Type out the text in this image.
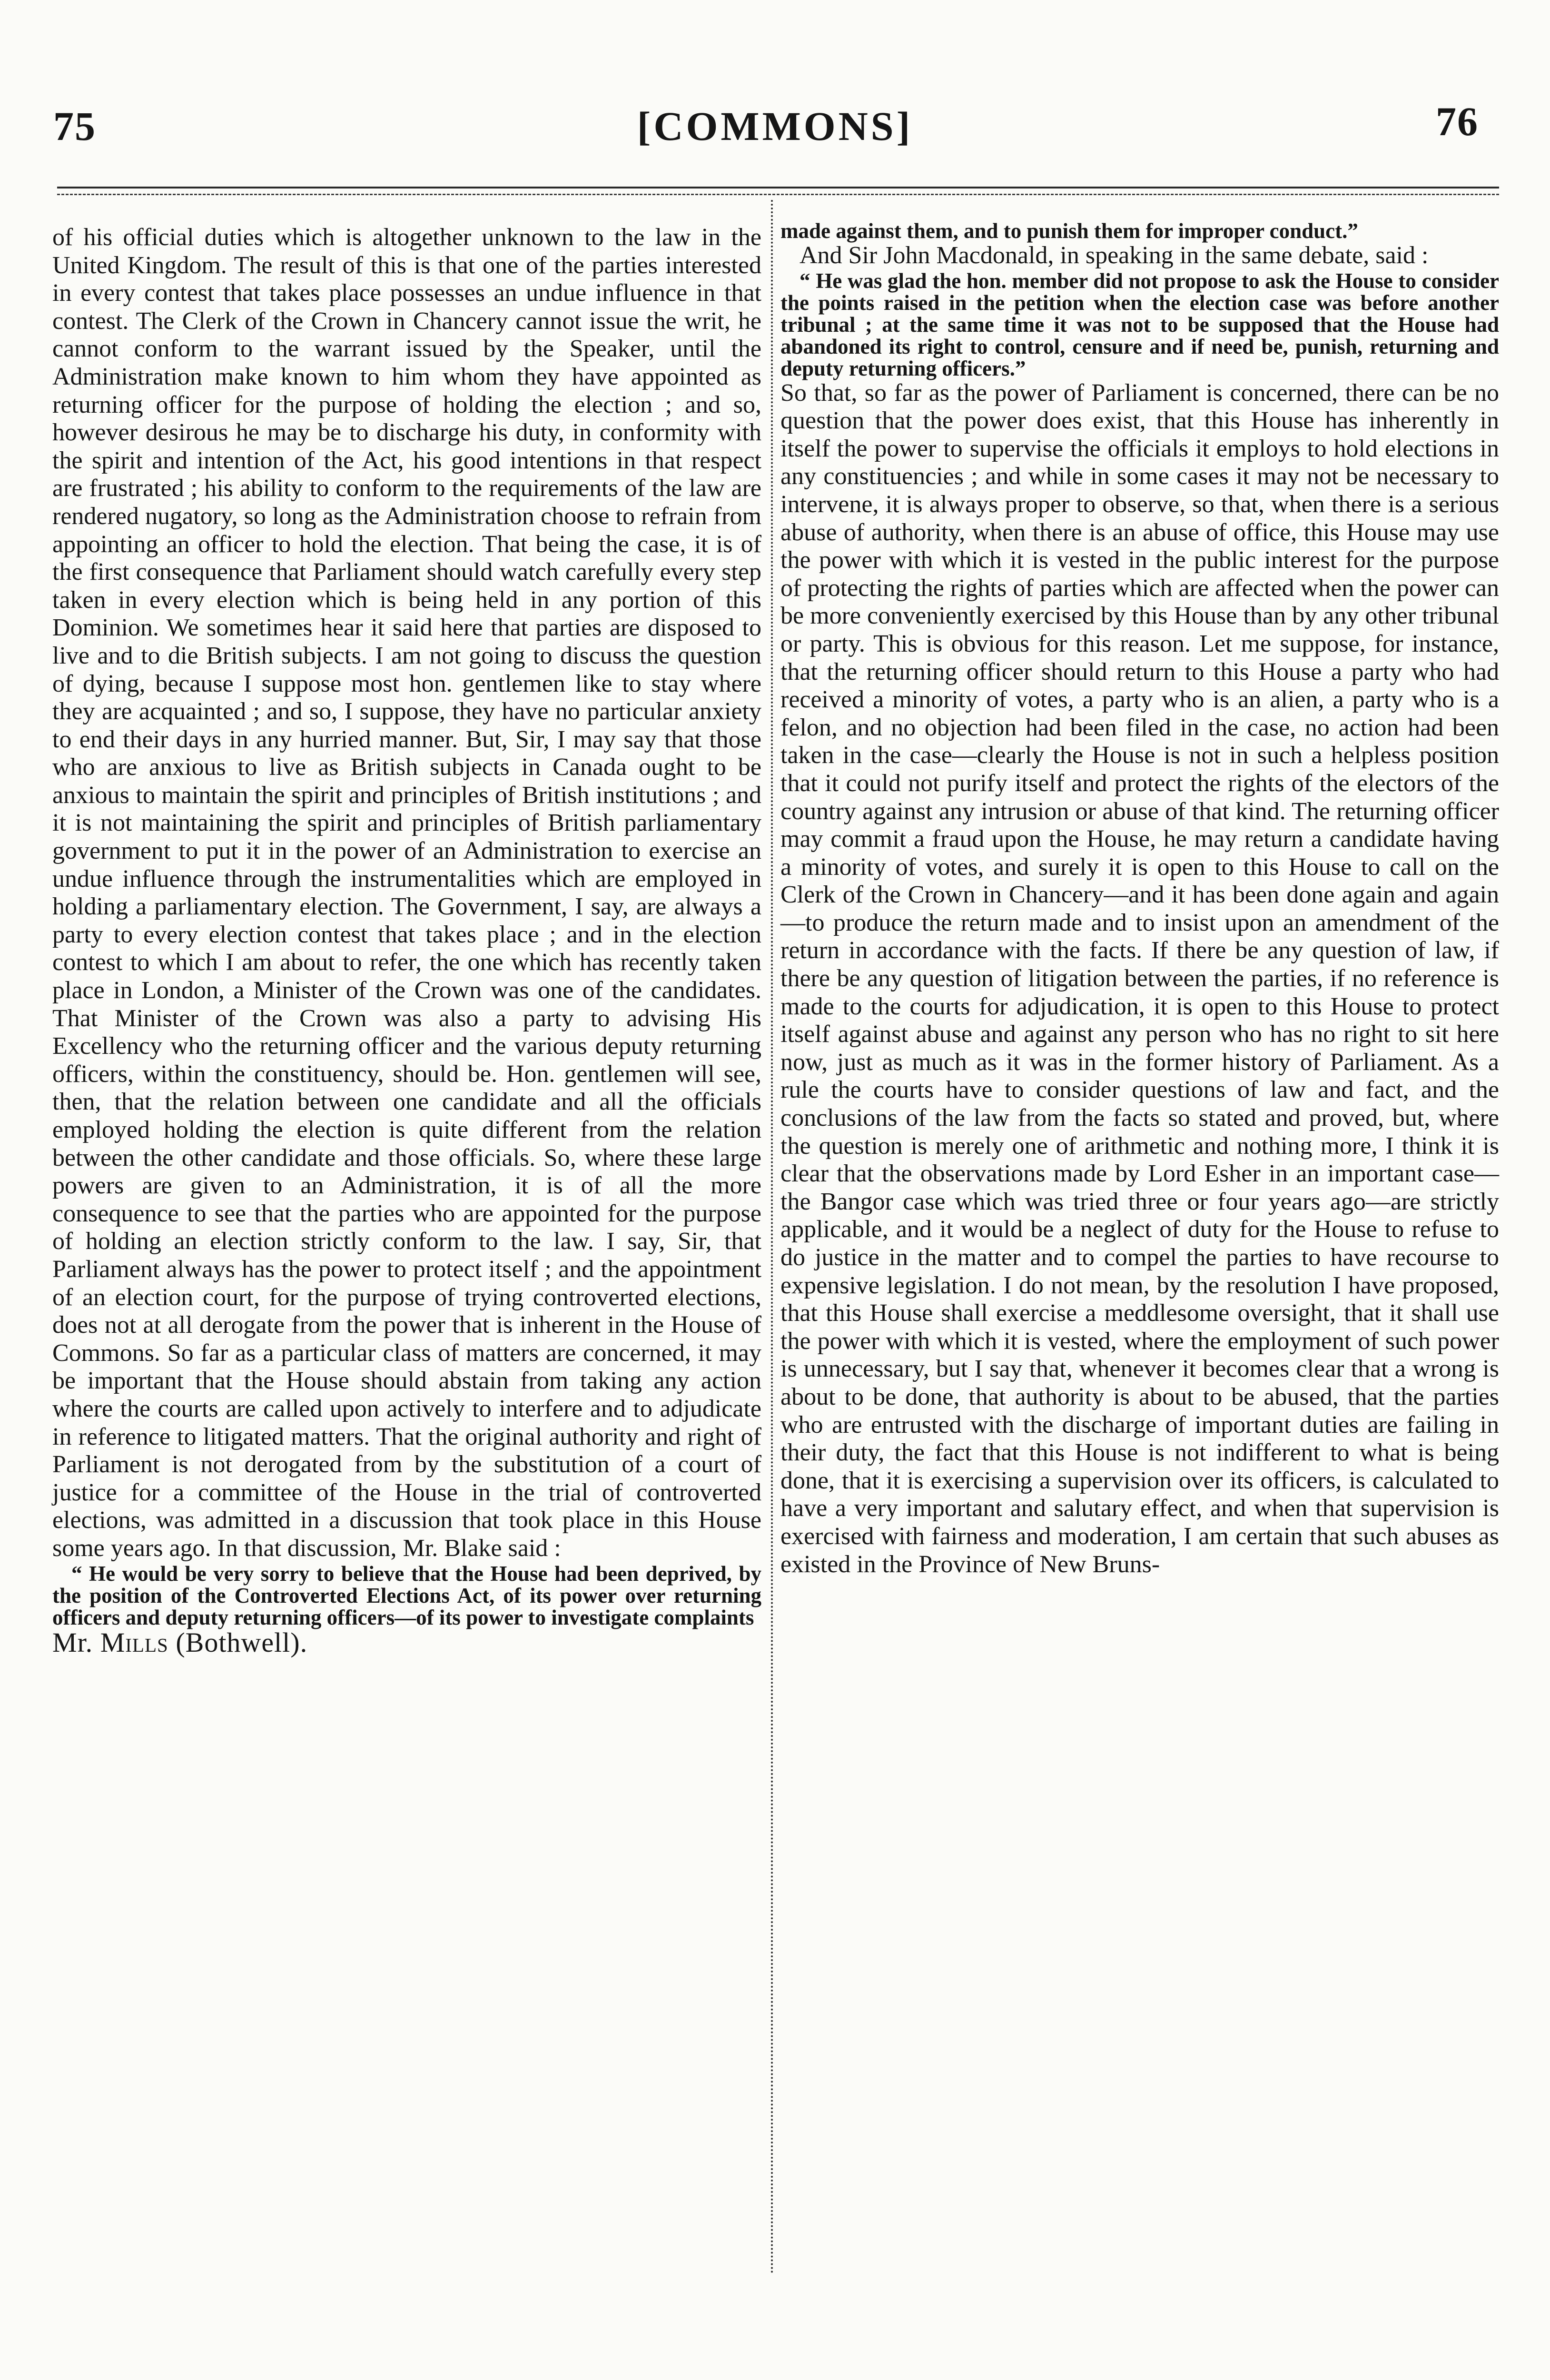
75	[COMMONS]	76

of his official duties which is altogether unknown to the law in the United Kingdom. The result of this is that one of the parties interested in every contest that takes place possesses an undue influence in that contest. The Clerk of the Crown in Chancery cannot issue the writ, he cannot conform to the warrant issued by the Speaker, until the Administration make known to him whom they have appointed as returning officer for the purpose of holding the election ; and so, however desirous he may be to discharge his duty, in conformity with the spirit and intention of the Act, his good intentions in that respect are frustrated ; his ability to conform to the requirements of the law are rendered nugatory, so long as the Administration choose to refrain from appointing an officer to hold the election. That being the case, it is of the first consequence that Parliament should watch carefully every step taken in every election which is being held in any portion of this Dominion. We sometimes hear it said here that parties are disposed to live and to die British subjects. I am not going to discuss the question of dying, because I suppose most hon. gentlemen like to stay where they are acquainted ; and so, I suppose, they have no particular anxiety to end their days in any hurried manner. But, Sir, I may say that those who are anxious to live as British subjects in Canada ought to be anxious to maintain the spirit and principles of British institutions ; and it is not maintaining the spirit and principles of British parliamentary government to put it in the power of an Administration to exercise an undue influence through the instrumentalities which are employed in holding a parliamentary election. The Government, I say, are always a party to every election contest that takes place ; and in the election contest to which I am about to refer, the one which has recently taken place in London, a Minister of the Crown was one of the candidates. That Minister of the Crown was also a party to advising His Excellency who the returning officer and the various deputy returning officers, within the constituency, should be. Hon. gentlemen will see, then, that the relation between one candidate and all the officials employed holding the election is quite different from the relation between the other candidate and those officials. So, where these large powers are given to an Administration, it is of all the more consequence to see that the parties who are appointed for the purpose of holding an election strictly conform to the law. I say, Sir, that Parliament always has the power to protect itself ; and the appointment of an election court, for the purpose of trying controverted elections, does not at all derogate from the power that is inherent in the House of Commons. So far as a particular class of matters are concerned, it may be important that the House should abstain from taking any action where the courts are called upon actively to interfere and to adjudicate in reference to litigated matters. That the original authority and right of Parliament is not derogated from by the substitution of a court of justice for a committee of the House in the trial of controverted elections, was admitted in a discussion that took place in this House some years ago. In that discussion, Mr. Blake said :

“ He would be very sorry to believe that the House had been deprived, by the position of the Controverted Elections Act, of its power over returning officers and deputy returning officers—of its power to investigate complaints

Mr. Mills (Bothwell).

made against them, and to punish them for improper conduct.”

And Sir John Macdonald, in speaking in the same debate, said :

“ He was glad the hon. member did not propose to ask the House to consider the points raised in the petition when the election case was before another tribunal ; at the same time it was not to be supposed that the House had abandoned its right to control, censure and if need be, punish, returning and deputy returning officers.”

So that, so far as the power of Parliament is concerned, there can be no question that the power does exist, that this House has inherently in itself the power to supervise the officials it employs to hold elections in any constituencies ; and while in some cases it may not be necessary to intervene, it is always proper to observe, so that, when there is a serious abuse of authority, when there is an abuse of office, this House may use the power with which it is vested in the public interest for the purpose of protecting the rights of parties which are affected when the power can be more conveniently exercised by this House than by any other tribunal or party. This is obvious for this reason. Let me suppose, for instance, that the returning officer should return to this House a party who had received a minority of votes, a party who is an alien, a party who is a felon, and no objection had been filed in the case, no action had been taken in the case—clearly the House is not in such a helpless position that it could not purify itself and protect the rights of the electors of the country against any intrusion or abuse of that kind. The returning officer may commit a fraud upon the House, he may return a candidate having a minority of votes, and surely it is open to this House to call on the Clerk of the Crown in Chancery—and it has been done again and again—to produce the return made and to insist upon an amendment of the return in accordance with the facts. If there be any question of law, if there be any question of litigation between the parties, if no reference is made to the courts for adjudication, it is open to this House to protect itself against abuse and against any person who has no right to sit here now, just as much as it was in the former history of Parliament. As a rule the courts have to consider questions of law and fact, and the conclusions of the law from the facts so stated and proved, but, where the question is merely one of arithmetic and nothing more, I think it is clear that the observations made by Lord Esher in an important case—the Bangor case which was tried three or four years ago—are strictly applicable, and it would be a neglect of duty for the House to refuse to do justice in the matter and to compel the parties to have recourse to expensive legislation. I do not mean, by the resolution I have proposed, that this House shall exercise a meddlesome oversight, that it shall use the power with which it is vested, where the employment of such power is unnecessary, but I say that, whenever it becomes clear that a wrong is about to be done, that authority is about to be abused, that the parties who are entrusted with the discharge of important duties are failing in their duty, the fact that this House is not indifferent to what is being done, that it is exercising a supervision over its officers, is calculated to have a very important and salutary effect, and when that supervision is exercised with fairness and moderation, I am certain that such abuses as existed in the Province of New Bruns-
